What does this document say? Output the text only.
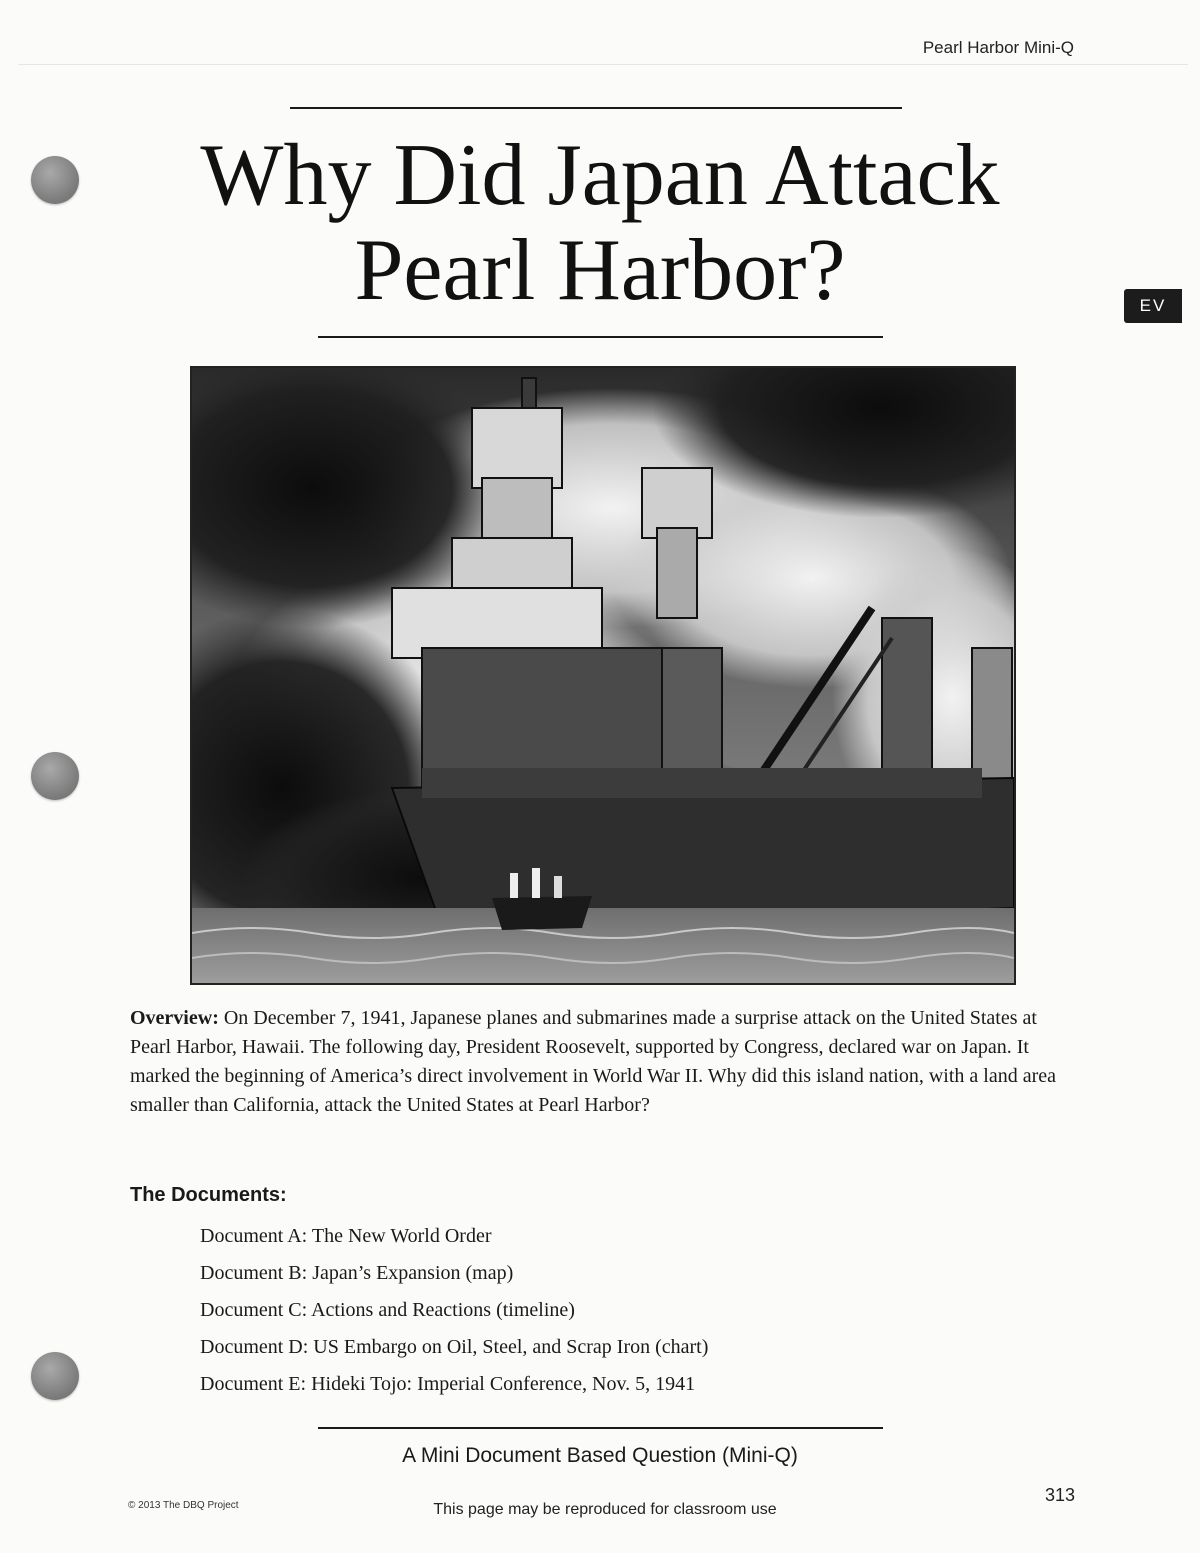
Pearl Harbor Mini-Q
EV
Why Did Japan Attack
Pearl Harbor?

Overview: On December 7, 1941, Japanese planes and submarines made a surprise attack on the United States at Pearl Harbor, Hawaii. The following day, President Roosevelt, supported by Congress, declared war on Japan. It marked the beginning of America’s direct involvement in World War II. Why did this island nation, with a land area smaller than California, attack the United States at Pearl Harbor?

The Documents:
Document A: The New World Order
Document B: Japan’s Expansion (map)
Document C: Actions and Reactions (timeline)
Document D: US Embargo on Oil, Steel, and Scrap Iron (chart)
Document E: Hideki Tojo: Imperial Conference, Nov. 5, 1941
A Mini Document Based Question (Mini-Q)
© 2013 The DBQ Project	This page may be reproduced for classroom use
313
